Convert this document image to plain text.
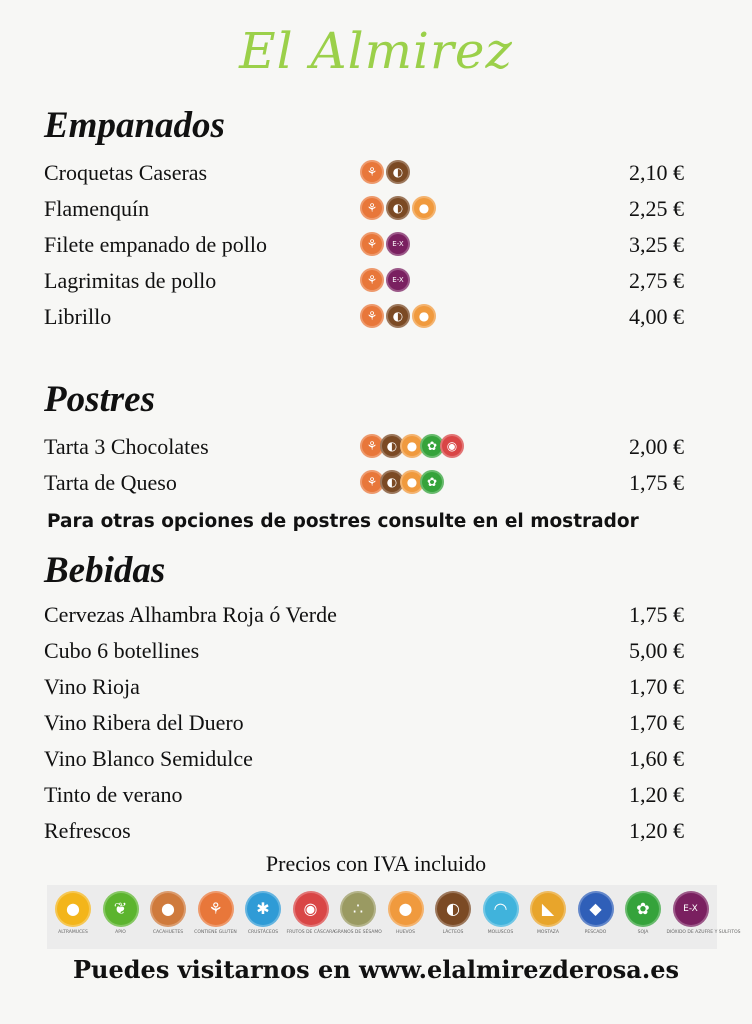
El Almirez
Empanados
Croquetas Caseras	⚘ ◐	2,10 €
Flamenquín	⚘ ◐ ●	2,25 €
Filete empanado de pollo	⚘ E-X	3,25 €
Lagrimitas de pollo	⚘ E-X	2,75 €
Librillo	⚘ ◐ ●	4,00 €
Postres
Tarta 3 Chocolates	⚘ ◐ ● ✿ ◉	2,00 €
Tarta de Queso	⚘ ◐ ● ✿	1,75 €
Para otras opciones de postres consulte en el mostrador
Bebidas
Cervezas Alhambra Roja ó Verde	1,75 €
Cubo 6 botellines	5,00 €
Vino Rioja	1,70 €
Vino Ribera del Duero	1,70 €
Vino Blanco Semidulce	1,60 €
Tinto de verano	1,20 €
Refrescos	1,20 €
Precios con IVA incluido
●
ALTRAMUCES
❦
APIO
●
CACAHUETES
⚘
CONTIENE GLUTEN
✱
CRUSTÁCEOS
◉
FRUTOS DE CÁSCARA
∴
GRANOS DE SÉSAMO
●
HUEVOS
◐
LÁCTEOS
◠
MOLUSCOS
◣
MOSTAZA
◆
PESCADO
✿
SOJA
E-X
DIÓXIDO DE AZUFRE Y SULFITOS
Puedes visitarnos en www.elalmirezderosa.es
